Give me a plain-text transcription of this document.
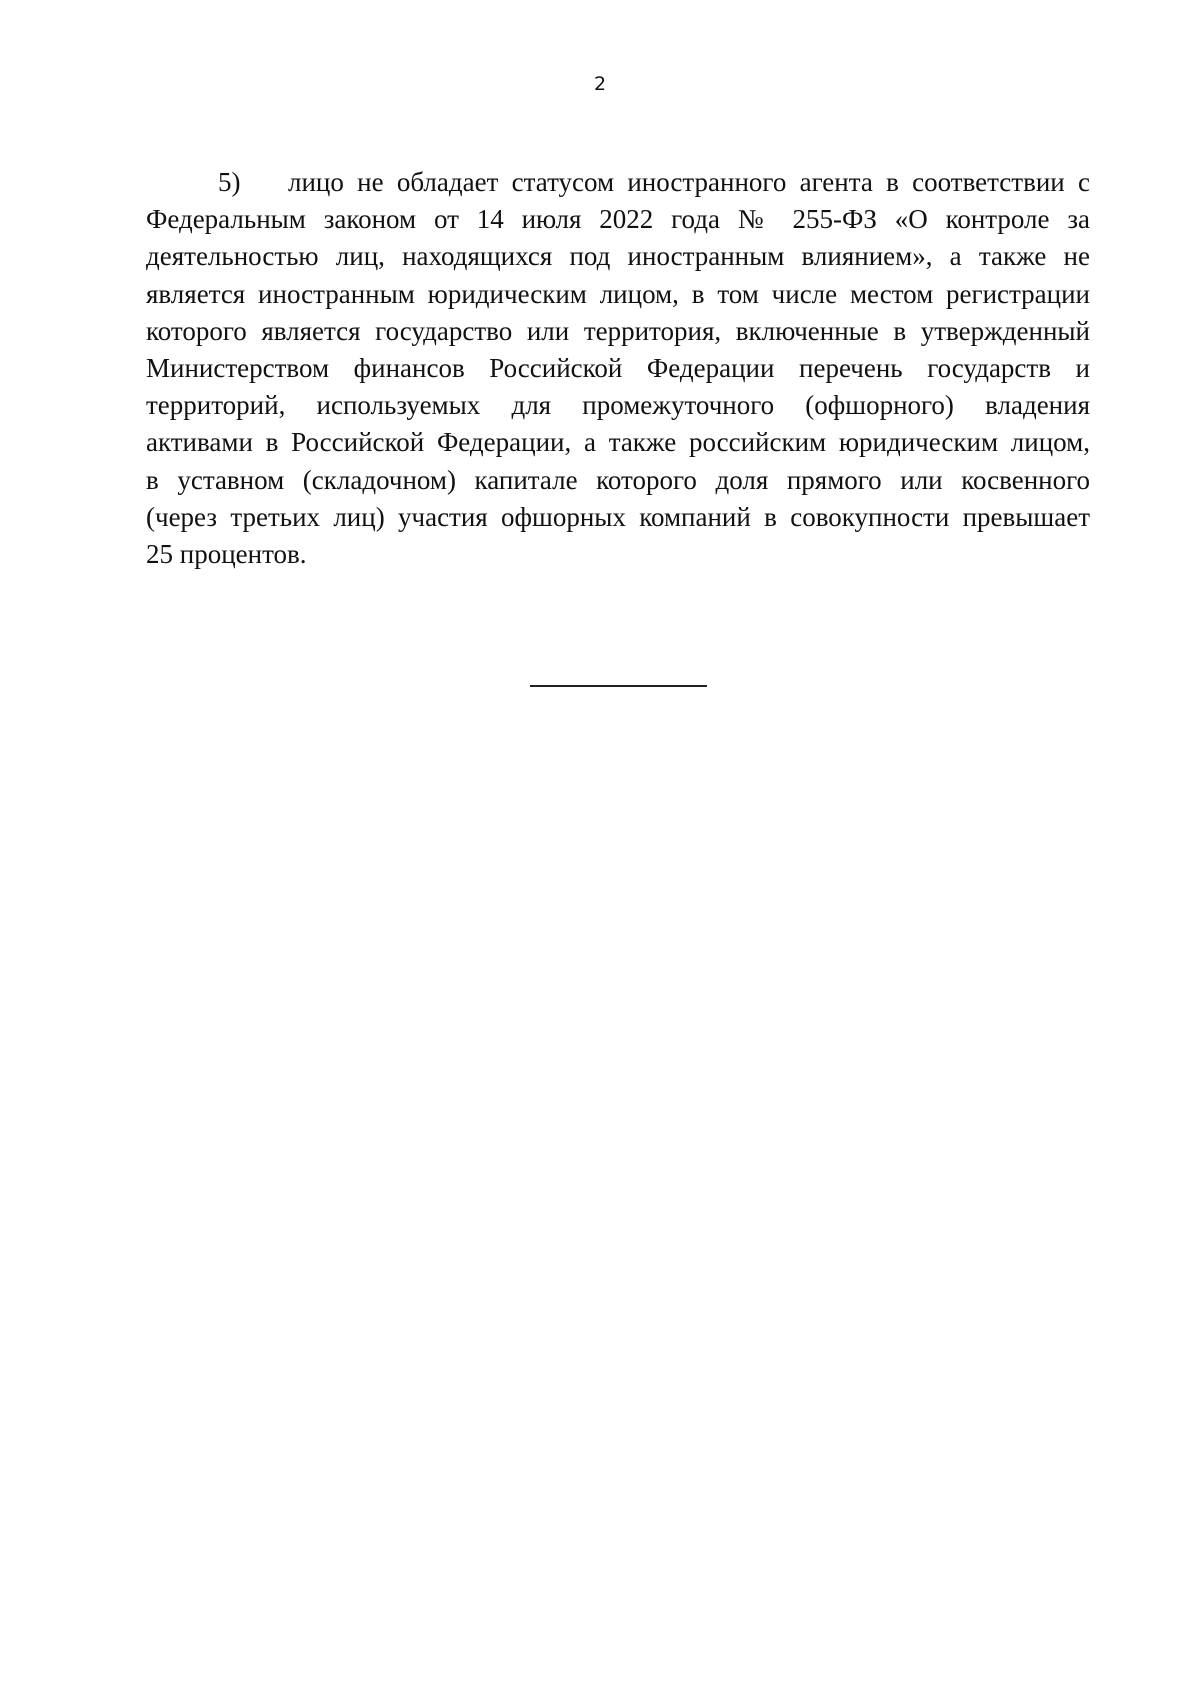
2
5) лицо не обладает статусом иностранного агента в соответствии с
Федеральным законом от 14 июля 2022 года № 255-ФЗ «О контроле за
деятельностью лиц, находящихся под иностранным влиянием», а также не
является иностранным юридическим лицом, в том числе местом регистрации
которого является государство или территория, включенные в утвержденный
Министерством финансов Российской Федерации перечень государств и
территорий, используемых для промежуточного (офшорного) владения
активами в Российской Федерации, а также российским юридическим лицом,
в уставном (складочном) капитале которого доля прямого или косвенного
(через третьих лиц) участия офшорных компаний в совокупности превышает
25 процентов.
